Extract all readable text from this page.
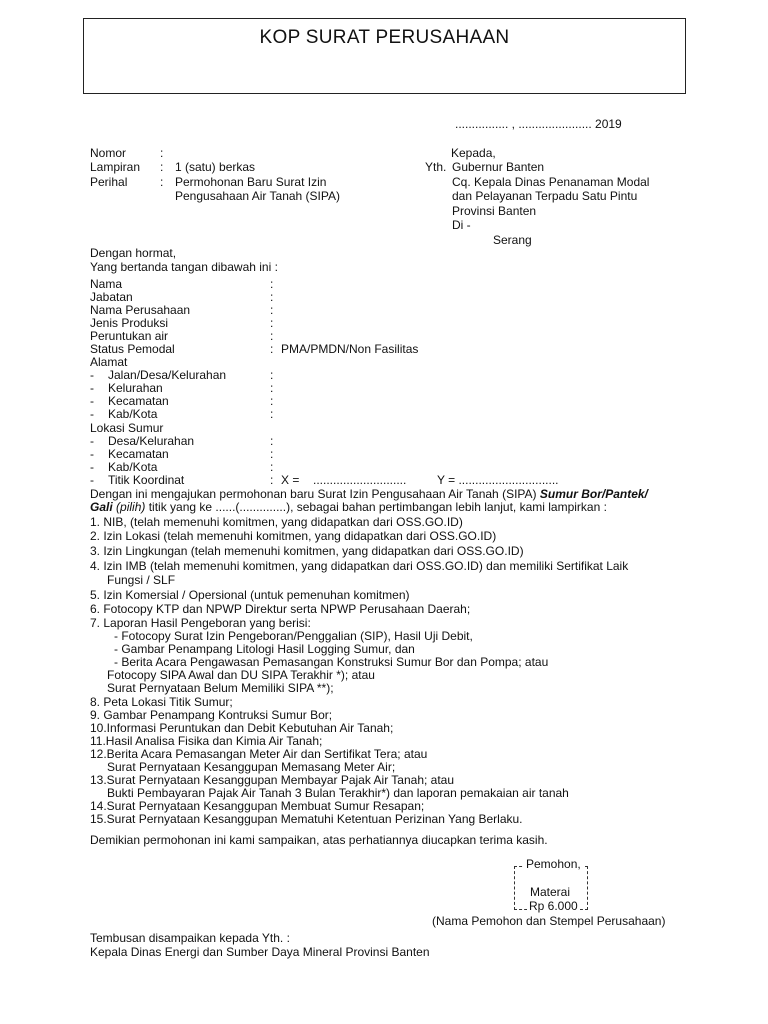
KOP SURAT PERUSAHAAN
................ , ...................... 2019
Nomor	:
Lampiran : 1 (satu) berkas
Perihal	: Permohonan Baru Surat Izin
Pengusahaan Air Tanah (SIPA)
Kepada,
Yth. Gubernur Banten
Cq. Kepala Dinas Penanaman Modal
dan Pelayanan Terpadu Satu Pintu
Provinsi Banten
Di -
Serang
Dengan hormat,
Yang bertanda tangan dibawah ini :
Nama	:
Jabatan	:
Nama Perusahaan	:
Jenis Produksi	:
Peruntukan air	:
Status Pemodal	: PMA/PMDN/Non Fasilitas
Alamat
- Jalan/Desa/Kelurahan	:
- Kelurahan	:
- Kecamatan	:
- Kab/Kota	:
Lokasi Sumur
- Desa/Kelurahan	:
- Kecamatan	:
- Kab/Kota	:
- Titik Koordinat	: X = ............................	Y = ..............................
Dengan ini mengajukan permohonan baru Surat Izin Pengusahaan Air Tanah (SIPA) Sumur Bor/Pantek/
Gali (pilih) titik yang ke ......(..............), sebagai bahan pertimbangan lebih lanjut, kami lampirkan :
1. NIB, (telah memenuhi komitmen, yang didapatkan dari OSS.GO.ID)
2. Izin Lokasi (telah memenuhi komitmen, yang didapatkan dari OSS.GO.ID)
3. Izin Lingkungan (telah memenuhi komitmen, yang didapatkan dari OSS.GO.ID)
4. Izin IMB (telah memenuhi komitmen, yang didapatkan dari OSS.GO.ID) dan memiliki Sertifikat Laik
Fungsi / SLF
5. Izin Komersial / Opersional (untuk pemenuhan komitmen)
6. Fotocopy KTP dan NPWP Direktur serta NPWP Perusahaan Daerah;
7. Laporan Hasil Pengeboran yang berisi:
- Fotocopy Surat Izin Pengeboran/Penggalian (SIP), Hasil Uji Debit,
- Gambar Penampang Litologi Hasil Logging Sumur, dan
- Berita Acara Pengawasan Pemasangan Konstruksi Sumur Bor dan Pompa; atau
Fotocopy SIPA Awal dan DU SIPA Terakhir *); atau
Surat Pernyataan Belum Memiliki SIPA **);
8. Peta Lokasi Titik Sumur;
9. Gambar Penampang Kontruksi Sumur Bor;
10.Informasi Peruntukan dan Debit Kebutuhan Air Tanah;
11.Hasil Analisa Fisika dan Kimia Air Tanah;
12.Berita Acara Pemasangan Meter Air dan Sertifikat Tera; atau
Surat Pernyataan Kesanggupan Memasang Meter Air;
13.Surat Pernyataan Kesanggupan Membayar Pajak Air Tanah; atau
Bukti Pembayaran Pajak Air Tanah 3 Bulan Terakhir*) dan laporan pemakaian air tanah
14.Surat Pernyataan Kesanggupan Membuat Sumur Resapan;
15.Surat Pernyataan Kesanggupan Mematuhi Ketentuan Perizinan Yang Berlaku.
Demikian permohonan ini kami sampaikan, atas perhatiannya diucapkan terima kasih.
Pemohon,
Materai
Rp 6.000
(Nama Pemohon dan Stempel Perusahaan)
Tembusan disampaikan kepada Yth. :
Kepala Dinas Energi dan Sumber Daya Mineral Provinsi Banten
